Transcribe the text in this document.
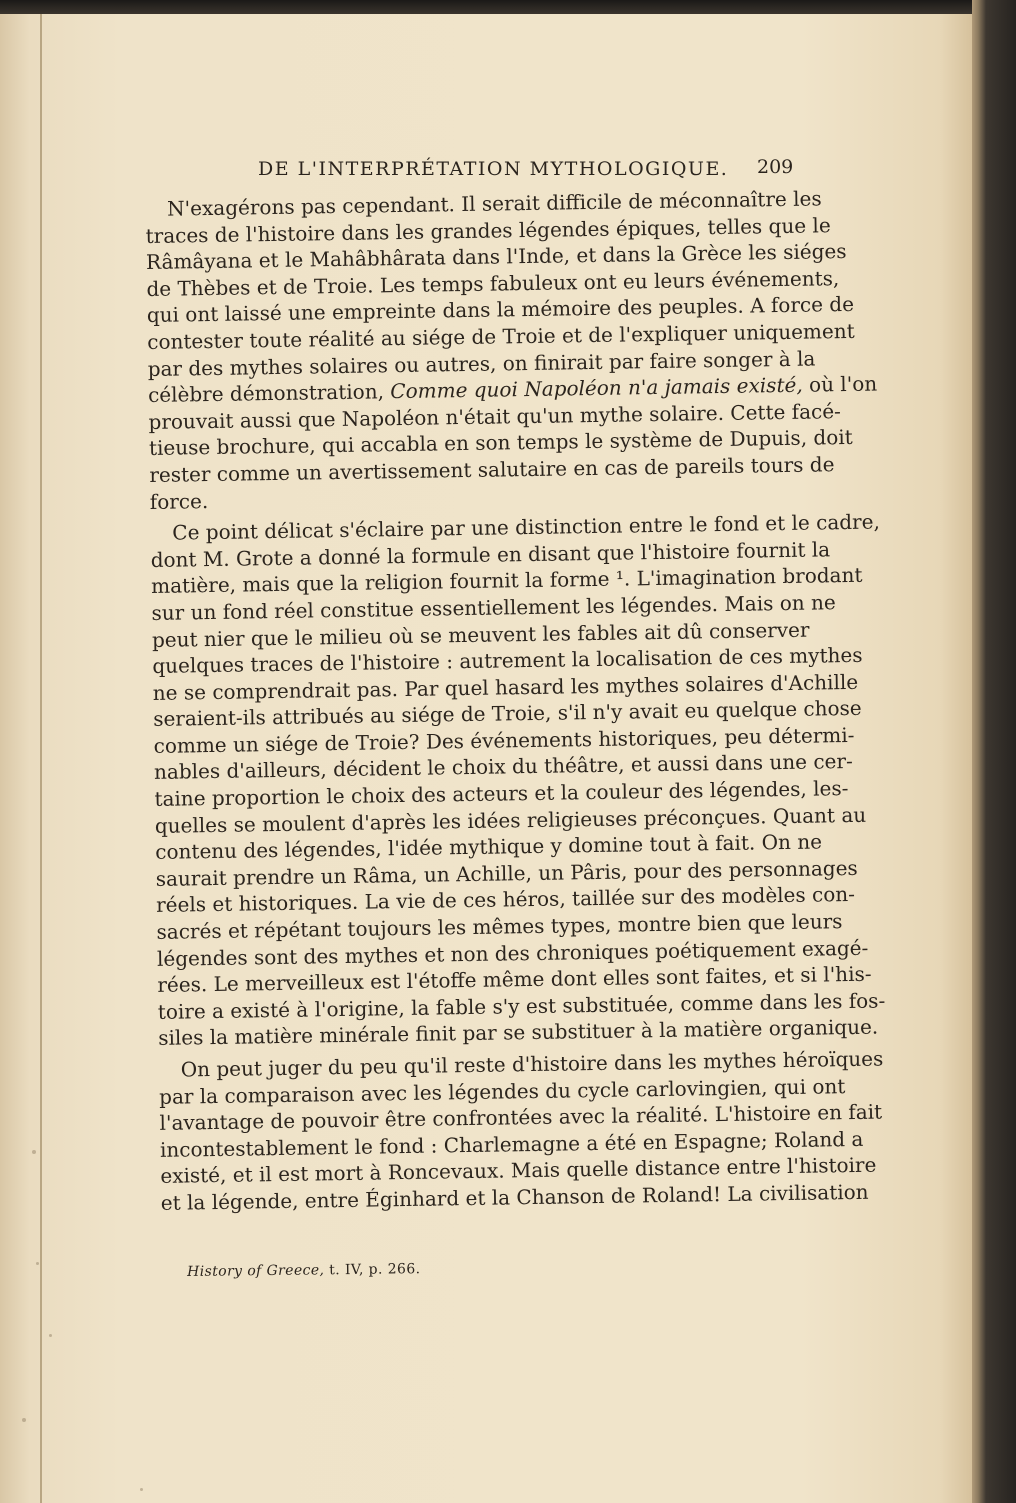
DE L'INTERPRÉTATION MYTHOLOGIQUE. 209
N'exagérons pas cependant. Il serait difficile de méconnaître les
traces de l'histoire dans les grandes légendes épiques, telles que le
Râmâyana et le Mahâbhârata dans l'Inde, et dans la Grèce les siéges
de Thèbes et de Troie. Les temps fabuleux ont eu leurs événements,
qui ont laissé une empreinte dans la mémoire des peuples. A force de
contester toute réalité au siége de Troie et de l'expliquer uniquement
par des mythes solaires ou autres, on finirait par faire songer à la
célèbre démonstration, Comme quoi Napoléon n'a jamais existé, où l'on
prouvait aussi que Napoléon n'était qu'un mythe solaire. Cette facé-
tieuse brochure, qui accabla en son temps le système de Dupuis, doit
rester comme un avertissement salutaire en cas de pareils tours de
force.
Ce point délicat s'éclaire par une distinction entre le fond et le cadre,
dont M. Grote a donné la formule en disant que l'histoire fournit la
matière, mais que la religion fournit la forme ¹. L'imagination brodant
sur un fond réel constitue essentiellement les légendes. Mais on ne
peut nier que le milieu où se meuvent les fables ait dû conserver
quelques traces de l'histoire : autrement la localisation de ces mythes
ne se comprendrait pas. Par quel hasard les mythes solaires d'Achille
seraient-ils attribués au siége de Troie, s'il n'y avait eu quelque chose
comme un siége de Troie? Des événements historiques, peu détermi-
nables d'ailleurs, décident le choix du théâtre, et aussi dans une cer-
taine proportion le choix des acteurs et la couleur des légendes, les-
quelles se moulent d'après les idées religieuses préconçues. Quant au
contenu des légendes, l'idée mythique y domine tout à fait. On ne
saurait prendre un Râma, un Achille, un Pâris, pour des personnages
réels et historiques. La vie de ces héros, taillée sur des modèles con-
sacrés et répétant toujours les mêmes types, montre bien que leurs
légendes sont des mythes et non des chroniques poétiquement exagé-
rées. Le merveilleux est l'étoffe même dont elles sont faites, et si l'his-
toire a existé à l'origine, la fable s'y est substituée, comme dans les fos-
siles la matière minérale finit par se substituer à la matière organique.
On peut juger du peu qu'il reste d'histoire dans les mythes héroïques
par la comparaison avec les légendes du cycle carlovingien, qui ont
l'avantage de pouvoir être confrontées avec la réalité. L'histoire en fait
incontestablement le fond : Charlemagne a été en Espagne; Roland a
existé, et il est mort à Roncevaux. Mais quelle distance entre l'histoire
et la légende, entre Éginhard et la Chanson de Roland! La civilisation
History of Greece, t. IV, p. 266.
